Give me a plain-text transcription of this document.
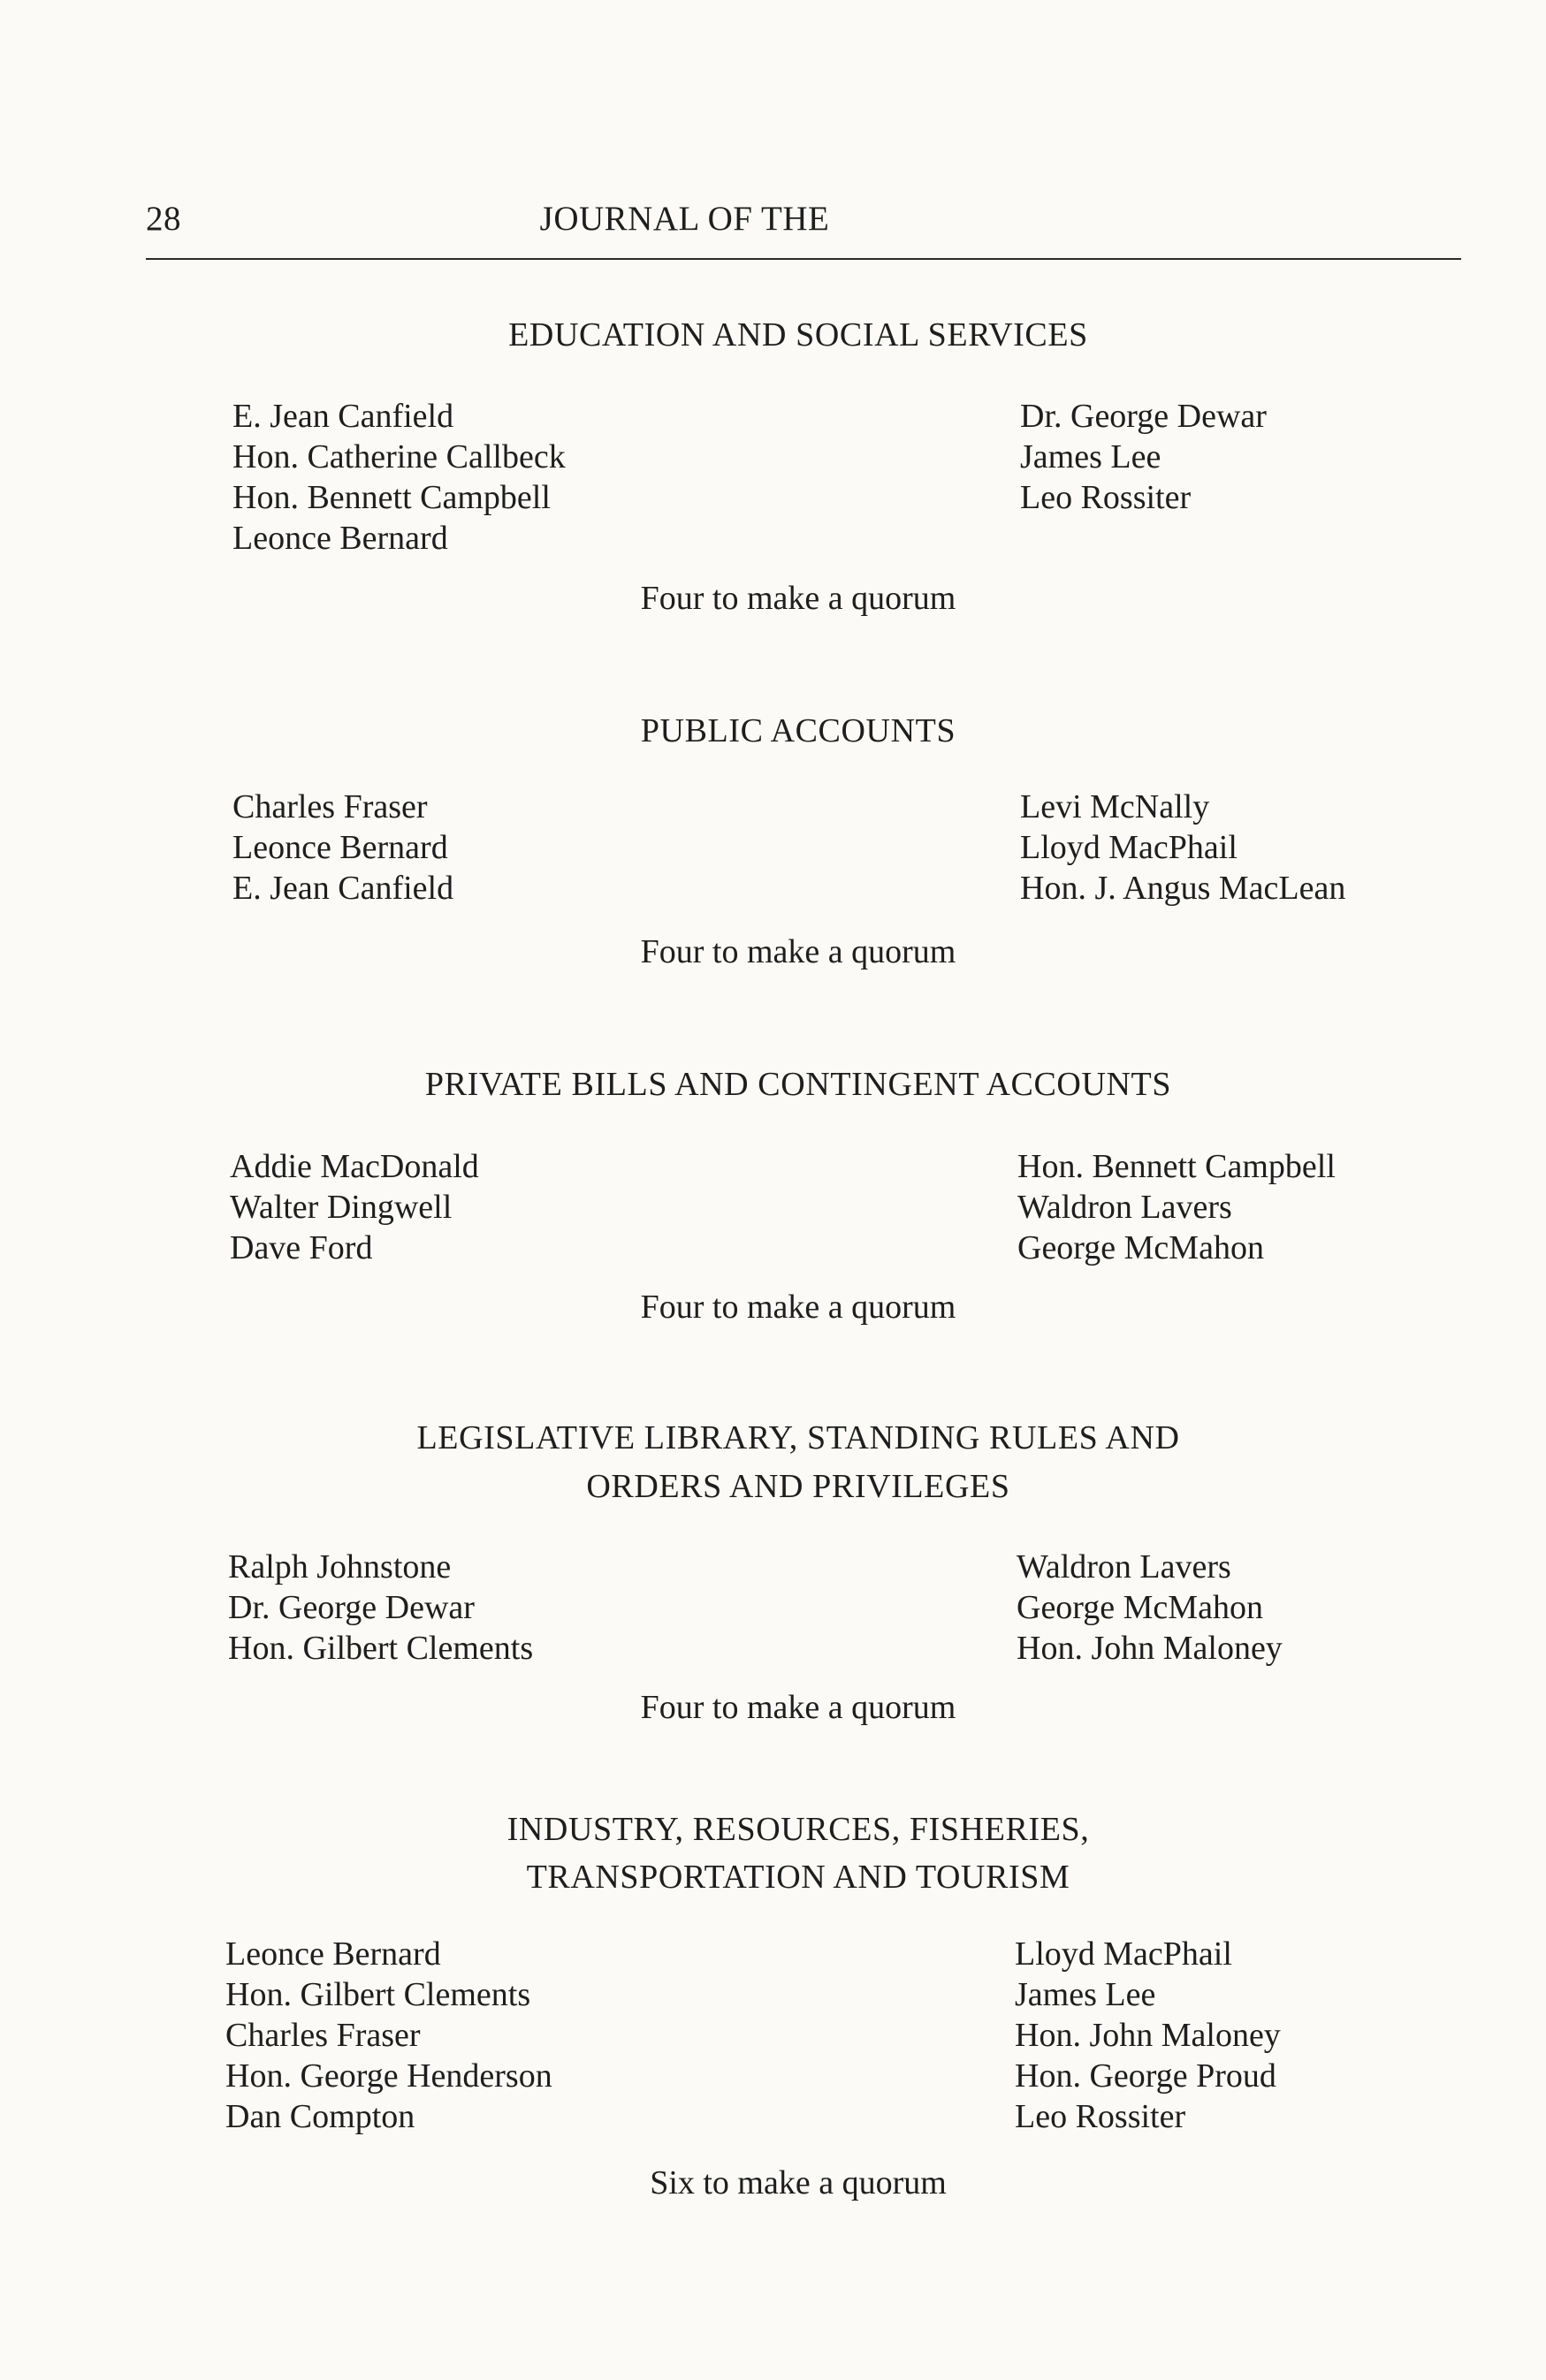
28	JOURNAL OF THE
EDUCATION AND SOCIAL SERVICES
E. Jean Canfield
Hon. Catherine Callbeck
Hon. Bennett Campbell
Leonce Bernard
Dr. George Dewar
James Lee
Leo Rossiter
Four to make a quorum
PUBLIC ACCOUNTS
Charles Fraser
Leonce Bernard
E. Jean Canfield
Levi McNally
Lloyd MacPhail
Hon. J. Angus MacLean
Four to make a quorum
PRIVATE BILLS AND CONTINGENT ACCOUNTS
Addie MacDonald
Walter Dingwell
Dave Ford
Hon. Bennett Campbell
Waldron Lavers
George McMahon
Four to make a quorum
LEGISLATIVE LIBRARY, STANDING RULES AND
ORDERS AND PRIVILEGES
Ralph Johnstone
Dr. George Dewar
Hon. Gilbert Clements
Waldron Lavers
George McMahon
Hon. John Maloney
Four to make a quorum
INDUSTRY, RESOURCES, FISHERIES,
TRANSPORTATION AND TOURISM
Leonce Bernard
Hon. Gilbert Clements
Charles Fraser
Hon. George Henderson
Dan Compton
Lloyd MacPhail
James Lee
Hon. John Maloney
Hon. George Proud
Leo Rossiter
Six to make a quorum
